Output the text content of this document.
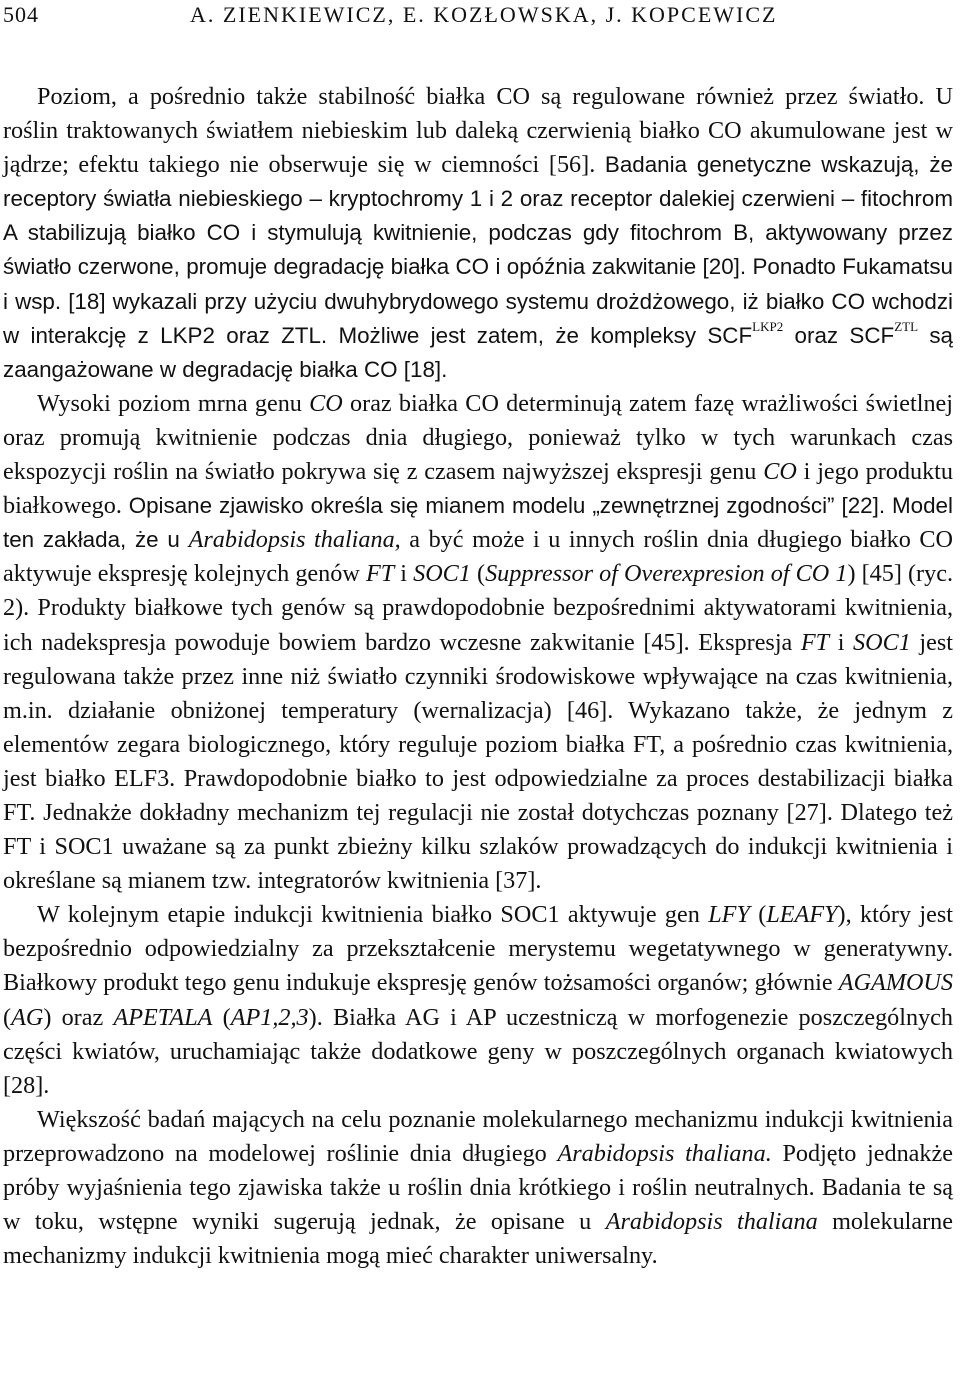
504	A. ZIENKIEWICZ, E. KOZŁOWSKA, J. KOPCEWICZ

Poziom, a pośrednio także stabilność białka CO są regulowane również przez światło. U roślin traktowanych światłem niebieskim lub daleką czerwienią białko CO akumulowane jest w jądrze; efektu takiego nie obserwuje się w ciemności [56]. Badania genetyczne wskazują, że receptory światła niebieskiego – kryptochromy 1 i 2 oraz receptor dalekiej czerwieni – fitochrom A stabilizują białko CO i stymulują kwitnienie, podczas gdy fitochrom B, aktywowany przez światło czerwone, promuje degradację białka CO i opóźnia zakwitanie [20]. Ponadto Fukamatsu i wsp. [18] wykazali przy użyciu dwuhybrydowego systemu drożdżowego, iż białko CO wchodzi w interakcję z LKP2 oraz ZTL. Możliwe jest zatem, że kompleksy $SCF^{LKP2}$ oraz $SCF^{ZTL}$ są zaangażowane w degradację białka CO [18].

Wysoki poziom mrna genu CO oraz białka CO determinują zatem fazę wrażliwości świetlnej oraz promują kwitnienie podczas dnia długiego, ponieważ tylko w tych warunkach czas ekspozycji roślin na światło pokrywa się z czasem najwyższej ekspresji genu CO i jego produktu białkowego. Opisane zjawisko określa się mianem modelu „zewnętrznej zgodności” [22]. Model ten zakłada, że u Arabidopsis thaliana, a być może i u innych roślin dnia długiego białko CO aktywuje ekspresję kolejnych genów FT i SOC1 (Suppressor of Overexpresion of CO 1) [45] (ryc. 2). Produkty białkowe tych genów są prawdopodobnie bezpośrednimi aktywatorami kwitnienia, ich nadekspresja powoduje bowiem bardzo wczesne zakwitanie [45]. Ekspresja FT i SOC1 jest regulowana także przez inne niż światło czynniki środowiskowe wpływające na czas kwitnienia, m.in. działanie obniżonej temperatury (wernalizacja) [46]. Wykazano także, że jednym z elementów zegara biologicznego, który reguluje poziom białka FT, a pośrednio czas kwitnienia, jest białko ELF3. Prawdopodobnie białko to jest odpowiedzialne za proces destabilizacji białka FT. Jednakże dokładny mechanizm tej regulacji nie został dotychczas poznany [27]. Dlatego też FT i SOC1 uważane są za punkt zbieżny kilku szlaków prowadzących do indukcji kwitnienia i określane są mianem tzw. integratorów kwitnienia [37].

W kolejnym etapie indukcji kwitnienia białko SOC1 aktywuje gen LFY (LEAFY), który jest bezpośrednio odpowiedzialny za przekształcenie merystemu wegetatywnego w generatywny. Białkowy produkt tego genu indukuje ekspresję genów tożsamości organów; głównie AGAMOUS (AG) oraz APETALA (AP1,2,3). Białka AG i AP uczestniczą w morfogenezie poszczególnych części kwiatów, uruchamiając także dodatkowe geny w poszczególnych organach kwiatowych [28].

Większość badań mających na celu poznanie molekularnego mechanizmu indukcji kwitnienia przeprowadzono na modelowej roślinie dnia długiego Arabidopsis thaliana. Podjęto jednakże próby wyjaśnienia tego zjawiska także u roślin dnia krótkiego i roślin neutralnych. Badania te są w toku, wstępne wyniki sugerują jednak, że opisane u Arabidopsis thaliana molekularne mechanizmy indukcji kwitnienia mogą mieć charakter uniwersalny.
